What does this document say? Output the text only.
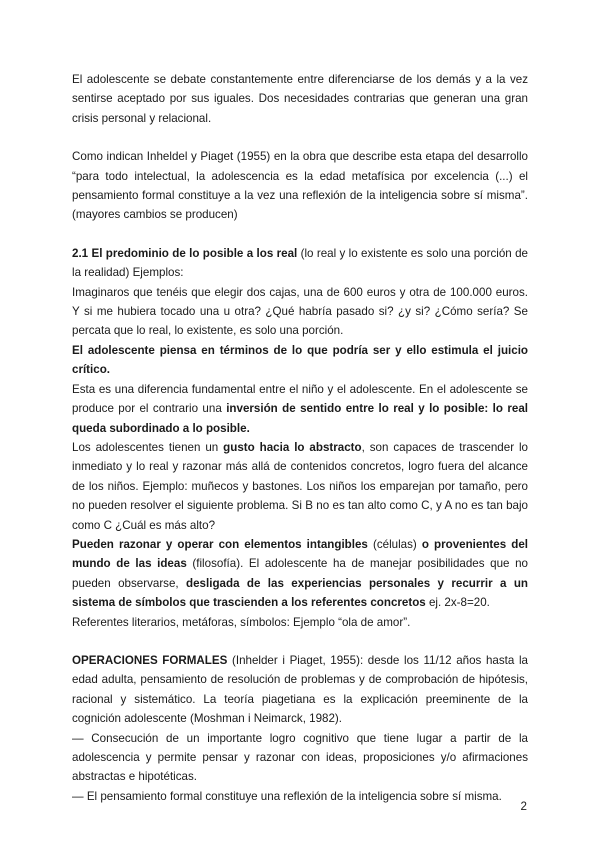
El adolescente se debate constantemente entre diferenciarse de los demás y a la vez sentirse aceptado por sus iguales. Dos necesidades contrarias que generan una gran crisis personal y relacional.

Como indican Inheldel y Piaget (1955) en la obra que describe esta etapa del desarrollo “para todo intelectual, la adolescencia es la edad metafísica por excelencia (...) el pensamiento formal constituye a la vez una reflexión de la inteligencia sobre sí misma”.(mayores cambios se producen)

2.1 El predominio de lo posible a los real (lo real y lo existente es solo una porción de la realidad) Ejemplos:

Imaginaros que tenéis que elegir dos cajas, una de 600 euros y otra de 100.000 euros. Y si me hubiera tocado una u otra? ¿Qué habría pasado si? ¿y si? ¿Cómo sería? Se percata que lo real, lo existente, es solo una porción.

El adolescente piensa en términos de lo que podría ser y ello estimula el juicio crítico.

Esta es una diferencia fundamental entre el niño y el adolescente. En el adolescente se produce por el contrario una inversión de sentido entre lo real y lo posible: lo real queda subordinado a lo posible.

Los adolescentes tienen un gusto hacia lo abstracto, son capaces de trascender lo inmediato y lo real y razonar más allá de contenidos concretos, logro fuera del alcance de los niños. Ejemplo: muñecos y bastones. Los niños los emparejan por tamaño, pero no pueden resolver el siguiente problema. Si B no es tan alto como C, y A no es tan bajo como C ¿Cuál es más alto?

Pueden razonar y operar con elementos intangibles (células) o provenientes del mundo de las ideas (filosofía). El adolescente ha de manejar posibilidades que no pueden observarse, desligada de las experiencias personales y recurrir a un sistema de símbolos que trascienden a los referentes concretos ej. 2x-8=20.

Referentes literarios, metáforas, símbolos: Ejemplo “ola de amor”.

OPERACIONES FORMALES (Inhelder i Piaget, 1955): desde los 11/12 años hasta la edad adulta, pensamiento de resolución de problemas y de comprobación de hipótesis, racional y sistemático. La teoría piagetiana es la explicación preeminente de la cognición adolescente (Moshman i Neimarck, 1982).

— Consecución de un importante logro cognitivo que tiene lugar a partir de la adolescencia y permite pensar y razonar con ideas, proposiciones y/o afirmaciones abstractas e hipotéticas.

— El pensamiento formal constituye una reflexión de la inteligencia sobre sí misma.

2
